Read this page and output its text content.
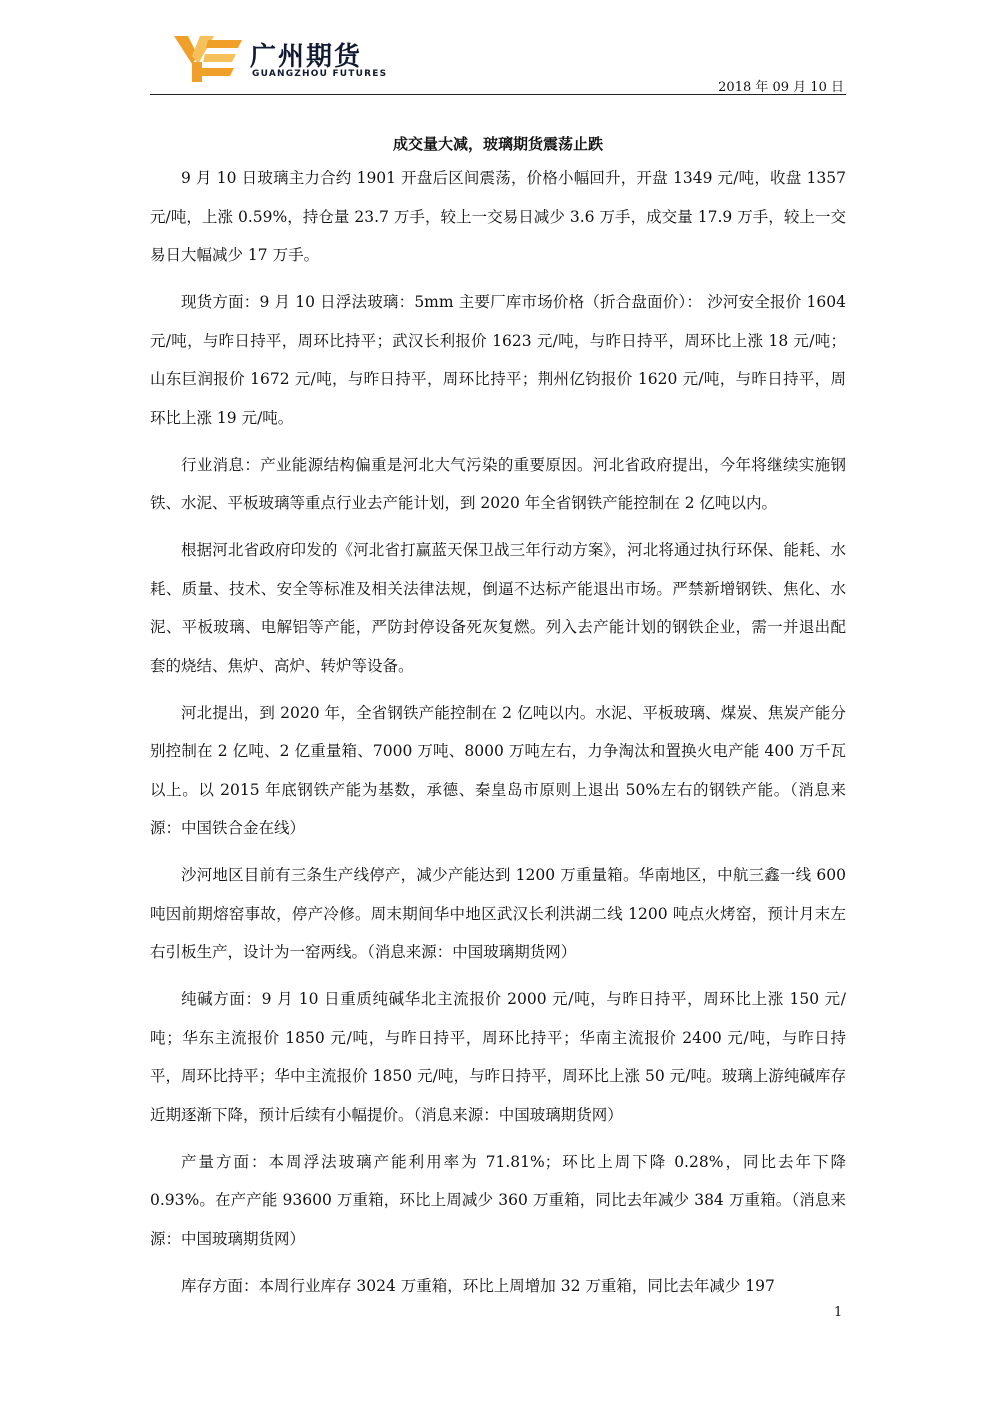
广州期货
GUANGZHOU FUTURES
2018 年 09 月 10 日
成交量大减，玻璃期货震荡止跌

9 月 10 日玻璃主力合约 1901 开盘后区间震荡，价格小幅回升，开盘 1349 元/吨，收盘 1357 元/吨，上涨 0.59%，持仓量 23.7 万手，较上一交易日减少 3.6 万手，成交量 17.9 万手，较上一交易日大幅减少 17 万手。

现货方面：9 月 10 日浮法玻璃：5mm 主要厂库市场价格（折合盘面价）： 沙河安全报价 1604 元/吨，与昨日持平，周环比持平；武汉长利报价 1623 元/吨，与昨日持平，周环比上涨 18 元/吨；山东巨润报价 1672 元/吨，与昨日持平，周环比持平；荆州亿钧报价 1620 元/吨，与昨日持平，周环比上涨 19 元/吨。

行业消息：产业能源结构偏重是河北大气污染的重要原因。河北省政府提出，今年将继续实施钢铁、水泥、平板玻璃等重点行业去产能计划，到 2020 年全省钢铁产能控制在 2 亿吨以内。

根据河北省政府印发的《河北省打赢蓝天保卫战三年行动方案》，河北将通过执行环保、能耗、水耗、质量、技术、安全等标准及相关法律法规，倒逼不达标产能退出市场。严禁新增钢铁、焦化、水泥、平板玻璃、电解铝等产能，严防封停设备死灰复燃。列入去产能计划的钢铁企业，需一并退出配套的烧结、焦炉、高炉、转炉等设备。

河北提出，到 2020 年，全省钢铁产能控制在 2 亿吨以内。水泥、平板玻璃、煤炭、焦炭产能分别控制在 2 亿吨、2 亿重量箱、7000 万吨、8000 万吨左右，力争淘汰和置换火电产能 400 万千瓦以上。以 2015 年底钢铁产能为基数，承德、秦皇岛市原则上退出 50%左右的钢铁产能。（消息来源：中国铁合金在线）

沙河地区目前有三条生产线停产，减少产能达到 1200 万重量箱。华南地区，中航三鑫一线 600 吨因前期熔窑事故，停产冷修。周末期间华中地区武汉长利洪湖二线 1200 吨点火烤窑，预计月末左右引板生产，设计为一窑两线。（消息来源：中国玻璃期货网）

纯碱方面：9 月 10 日重质纯碱华北主流报价 2000 元/吨，与昨日持平，周环比上涨 150 元/吨；华东主流报价 1850 元/吨，与昨日持平，周环比持平；华南主流报价 2400 元/吨，与昨日持平，周环比持平；华中主流报价 1850 元/吨，与昨日持平，周环比上涨 50 元/吨。玻璃上游纯碱库存近期逐渐下降，预计后续有小幅提价。（消息来源：中国玻璃期货网）

产量方面：本周浮法玻璃产能利用率为 71.81%；环比上周下降 0.28%，同比去年下降 0.93%。在产产能 93600 万重箱，环比上周减少 360 万重箱，同比去年减少 384 万重箱。（消息来源：中国玻璃期货网）

库存方面：本周行业库存 3024 万重箱，环比上周增加 32 万重箱，同比去年减少 197

1
